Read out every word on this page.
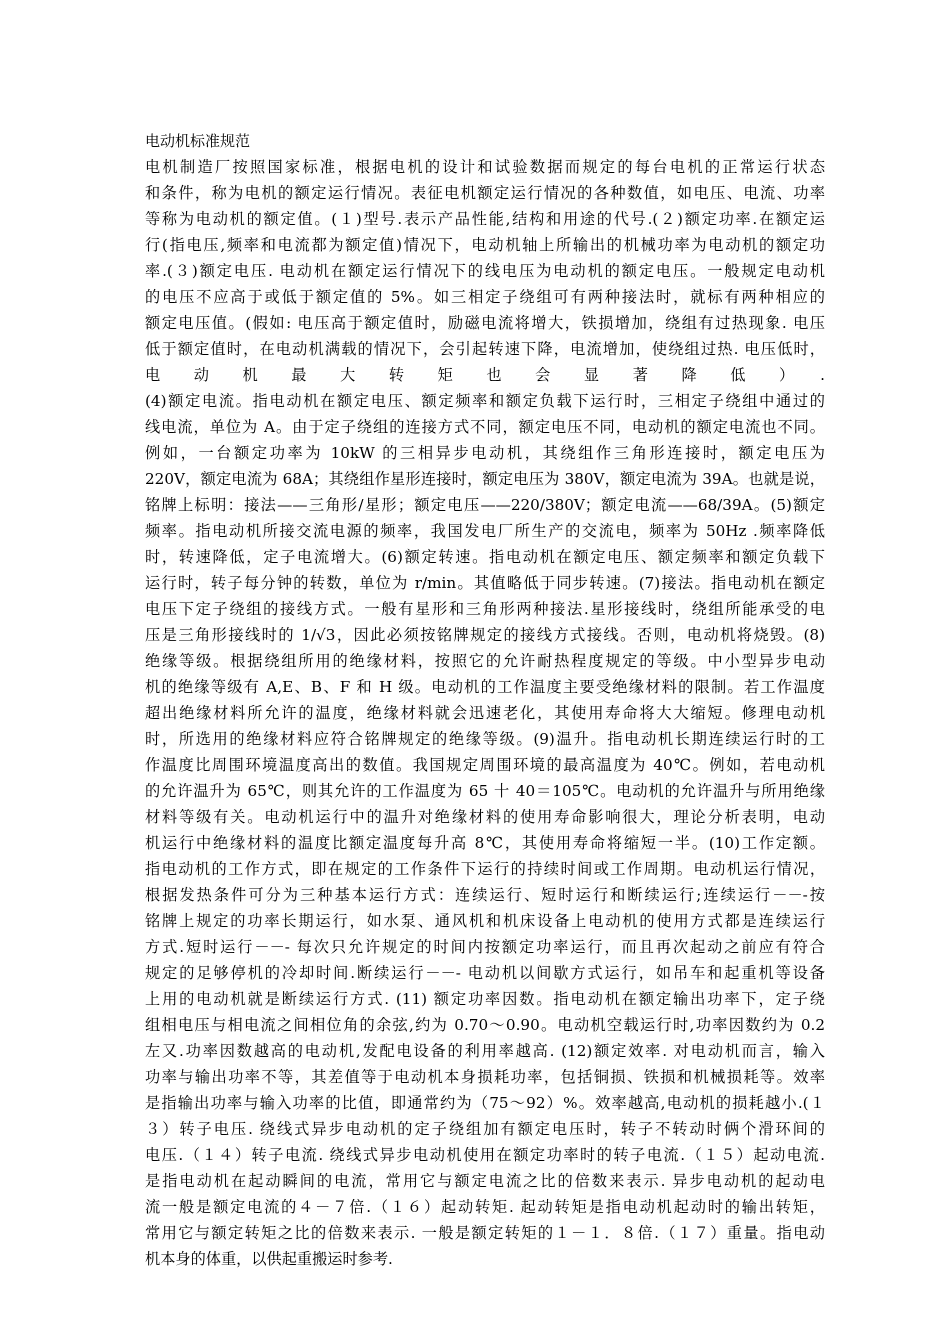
电动机标准规范
电机制造厂按照国家标准，根据电机的设计和试验数据而规定的每台电机的正常运行状态
和条件，称为电机的额定运行情况。表征电机额定运行情况的各种数值，如电压、电流、功率
等称为电动机的额定值。(１)型号.表示产品性能,结构和用途的代号.(２)额定功率.在额定运
行(指电压,频率和电流都为额定值)情况下，电动机轴上所输出的机械功率为电动机的额定功
率.(３)额定电压. 电动机在额定运行情况下的线电压为电动机的额定电压。一般规定电动机
的电压不应高于或低于额定值的 5%。如三相定子绕组可有两种接法时，就标有两种相应的
额定电压值。(假如: 电压高于额定值时，励磁电流将增大，铁损增加，绕组有过热现象. 电压
低于额定值时，在电动机满载的情况下，会引起转速下降，电流增加，使绕组过热. 电压低时，
电　动　机　最　大　转　矩　也　会　显　著　降　低　）　.
(4)额定电流。指电动机在额定电压、额定频率和额定负载下运行时，三相定子绕组中通过的
线电流，单位为 A。由于定子绕组的连接方式不同，额定电压不同，电动机的额定电流也不同。
例如，一台额定功率为 10kW 的三相异步电动机，其绕组作三角形连接时，额定电压为
220V，额定电流为 68A；其绕组作星形连接时，额定电压为 380V，额定电流为 39A。也就是说，
铭牌上标明：接法——三角形/星形；额定电压——220/380V；额定电流——68/39A。(5)额定
频率。指电动机所接交流电源的频率，我国发电厂所生产的交流电，频率为 50Hz .频率降低
时，转速降低，定子电流增大。(6)额定转速。指电动机在额定电压、额定频率和额定负载下
运行时，转子每分钟的转数，单位为 r/min。其值略低于同步转速。(7)接法。指电动机在额定
电压下定子绕组的接线方式。一般有星形和三角形两种接法.星形接线时，绕组所能承受的电
压是三角形接线时的 1/√3，因此必须按铭牌规定的接线方式接线。否则，电动机将烧毁。(8)
绝缘等级。根据绕组所用的绝缘材料，按照它的允许耐热程度规定的等级。中小型异步电动
机的绝缘等级有 A,E、B、F 和 H 级。电动机的工作温度主要受绝缘材料的限制。若工作温度
超出绝缘材料所允许的温度，绝缘材料就会迅速老化，其使用寿命将大大缩短。修理电动机
时，所选用的绝缘材料应符合铭牌规定的绝缘等级。(9)温升。指电动机长期连续运行时的工
作温度比周围环境温度高出的数值。我国规定周围环境的最高温度为 40℃。例如，若电动机
的允许温升为 65℃，则其允许的工作温度为 65 十 40＝105℃。电动机的允许温升与所用绝缘
材料等级有关。电动机运行中的温升对绝缘材料的使用寿命影响很大，理论分析表明，电动
机运行中绝缘材料的温度比额定温度每升高 8℃，其使用寿命将缩短一半。(10)工作定额。
指电动机的工作方式，即在规定的工作条件下运行的持续时间或工作周期。电动机运行情况，
根据发热条件可分为三种基本运行方式：连续运行、短时运行和断续运行;连续运行－－-按
铭牌上规定的功率长期运行，如水泵、通风机和机床设备上电动机的使用方式都是连续运行
方式.短时运行－－- 每次只允许规定的时间内按额定功率运行，而且再次起动之前应有符合
规定的足够停机的冷却时间.断续运行－－- 电动机以间歇方式运行，如吊车和起重机等设备
上用的电动机就是断续运行方式. (11) 额定功率因数。指电动机在额定输出功率下，定子绕
组相电压与相电流之间相位角的余弦,约为 0.70～0.90。电动机空载运行时,功率因数约为 0.2
左又.功率因数越高的电动机,发配电设备的利用率越高. (12)额定效率. 对电动机而言，输入
功率与输出功率不等，其差值等于电动机本身损耗功率，包括铜损、铁损和机械损耗等。效率
是指输出功率与输入功率的比值，即通常约为（75～92）%。效率越高,电动机的损耗越小.(１
３）转子电压. 绕线式异步电动机的定子绕组加有额定电压时，转子不转动时俩个滑环间的
电压.（１４）转子电流. 绕线式异步电动机使用在额定功率时的转子电流.（１５）起动电流.
是指电动机在起动瞬间的电流，常用它与额定电流之比的倍数来表示. 异步电动机的起动电
流一般是额定电流的４－７倍.（１６）起动转矩. 起动转矩是指电动机起动时的输出转矩，
常用它与额定转矩之比的倍数来表示. 一般是额定转矩的１－１．８倍.（１７）重量。指电动
机本身的体重，以供起重搬运时参考.
